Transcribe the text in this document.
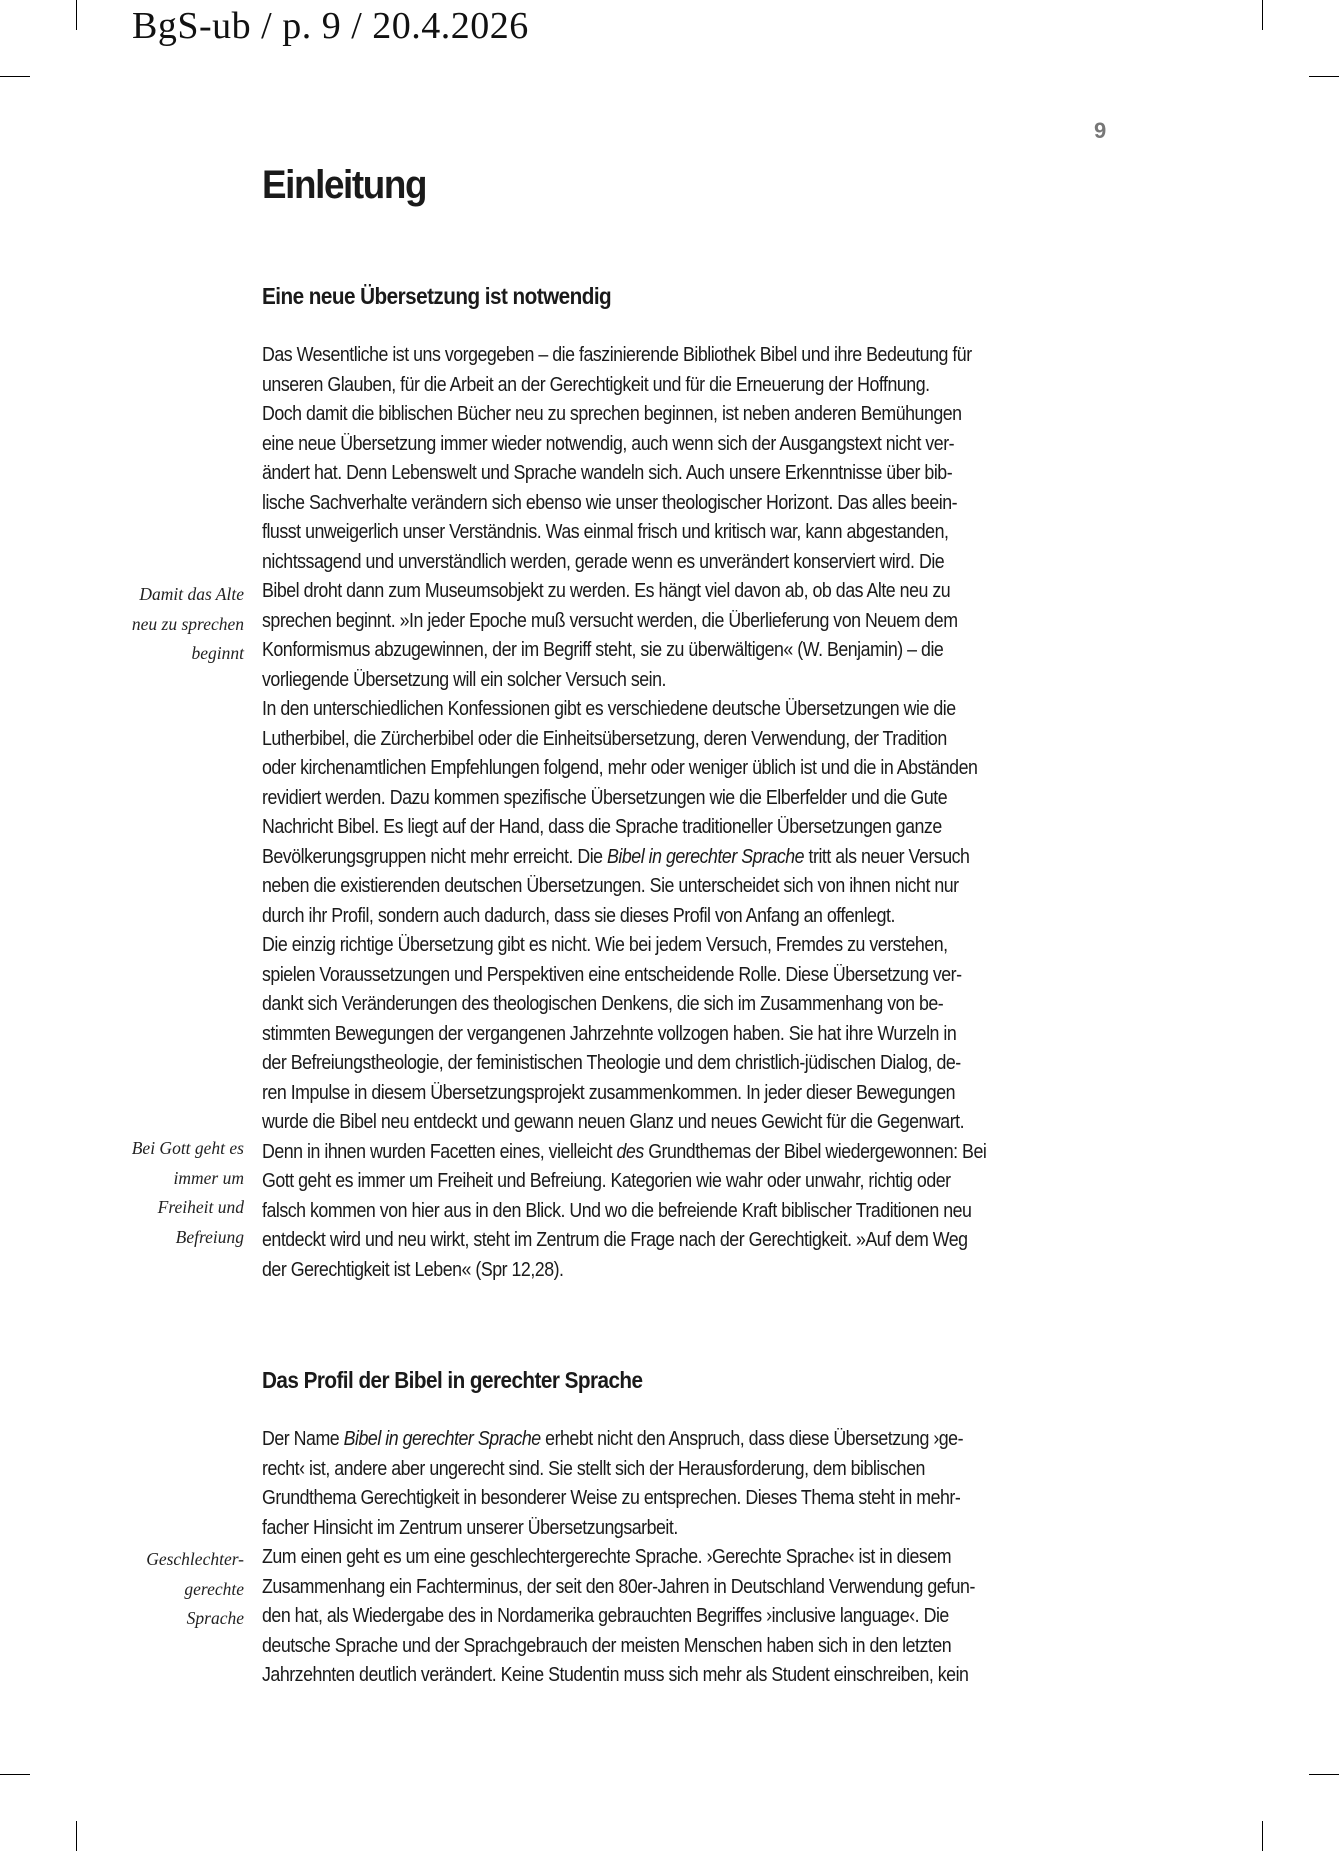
BgS-ub / p. 9 / 20.4.2026
9
Einleitung
Eine neue Übersetzung ist notwendig
Das Wesentliche ist uns vorgegeben – die faszinierende Bibliothek Bibel und ihre Bedeutung für
unseren Glauben, für die Arbeit an der Gerechtigkeit und für die Erneuerung der Hoffnung.
Doch damit die biblischen Bücher neu zu sprechen beginnen, ist neben anderen Bemühungen
eine neue Übersetzung immer wieder notwendig, auch wenn sich der Ausgangstext nicht ver-
ändert hat. Denn Lebenswelt und Sprache wandeln sich. Auch unsere Erkenntnisse über bib-
lische Sachverhalte verändern sich ebenso wie unser theologischer Horizont. Das alles beein-
flusst unweigerlich unser Verständnis. Was einmal frisch und kritisch war, kann abgestanden,
nichtssagend und unverständlich werden, gerade wenn es unverändert konserviert wird. Die
Bibel droht dann zum Museumsobjekt zu werden. Es hängt viel davon ab, ob das Alte neu zu
sprechen beginnt. »In jeder Epoche muß versucht werden, die Überlieferung von Neuem dem
Konformismus abzugewinnen, der im Begriff steht, sie zu überwältigen« (W. Benjamin) – die
vorliegende Übersetzung will ein solcher Versuch sein.
In den unterschiedlichen Konfessionen gibt es verschiedene deutsche Übersetzungen wie die
Lutherbibel, die Zürcherbibel oder die Einheitsübersetzung, deren Verwendung, der Tradition
oder kirchenamtlichen Empfehlungen folgend, mehr oder weniger üblich ist und die in Abständen
revidiert werden. Dazu kommen spezifische Übersetzungen wie die Elberfelder und die Gute
Nachricht Bibel. Es liegt auf der Hand, dass die Sprache traditioneller Übersetzungen ganze
Bevölkerungsgruppen nicht mehr erreicht. Die Bibel in gerechter Sprache tritt als neuer Versuch
neben die existierenden deutschen Übersetzungen. Sie unterscheidet sich von ihnen nicht nur
durch ihr Profil, sondern auch dadurch, dass sie dieses Profil von Anfang an offenlegt.
Die einzig richtige Übersetzung gibt es nicht. Wie bei jedem Versuch, Fremdes zu verstehen,
spielen Voraussetzungen und Perspektiven eine entscheidende Rolle. Diese Übersetzung ver-
dankt sich Veränderungen des theologischen Denkens, die sich im Zusammenhang von be-
stimmten Bewegungen der vergangenen Jahrzehnte vollzogen haben. Sie hat ihre Wurzeln in
der Befreiungstheologie, der feministischen Theologie und dem christlich-jüdischen Dialog, de-
ren Impulse in diesem Übersetzungsprojekt zusammenkommen. In jeder dieser Bewegungen
wurde die Bibel neu entdeckt und gewann neuen Glanz und neues Gewicht für die Gegenwart.
Denn in ihnen wurden Facetten eines, vielleicht des Grundthemas der Bibel wiedergewonnen: Bei
Gott geht es immer um Freiheit und Befreiung. Kategorien wie wahr oder unwahr, richtig oder
falsch kommen von hier aus in den Blick. Und wo die befreiende Kraft biblischer Traditionen neu
entdeckt wird und neu wirkt, steht im Zentrum die Frage nach der Gerechtigkeit. »Auf dem Weg
der Gerechtigkeit ist Leben« (Spr 12,28).
Damit das Alte
neu zu sprechen
beginnt
Bei Gott geht es
immer um
Freiheit und
Befreiung
Das Profil der Bibel in gerechter Sprache
Der Name Bibel in gerechter Sprache erhebt nicht den Anspruch, dass diese Übersetzung ›ge-
recht‹ ist, andere aber ungerecht sind. Sie stellt sich der Herausforderung, dem biblischen
Grundthema Gerechtigkeit in besonderer Weise zu entsprechen. Dieses Thema steht in mehr-
facher Hinsicht im Zentrum unserer Übersetzungsarbeit.
Zum einen geht es um eine geschlechtergerechte Sprache. ›Gerechte Sprache‹ ist in diesem
Zusammenhang ein Fachterminus, der seit den 80er-Jahren in Deutschland Verwendung gefun-
den hat, als Wiedergabe des in Nordamerika gebrauchten Begriffes ›inclusive language‹. Die
deutsche Sprache und der Sprachgebrauch der meisten Menschen haben sich in den letzten
Jahrzehnten deutlich verändert. Keine Studentin muss sich mehr als Student einschreiben, kein
Geschlechter-
gerechte
Sprache
